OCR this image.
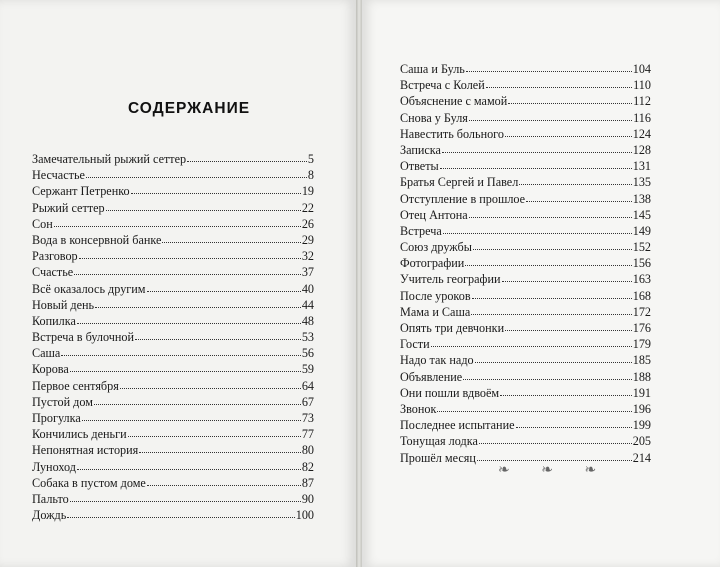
СОДЕРЖАНИЕ
Замечательный рыжий сеттер	5
Несчастье	8
Сержант Петренко	19
Рыжий сеттер	22
Сон	26
Вода в консервной банке	29
Разговор	32
Счастье	37
Всё оказалось другим	40
Новый день	44
Копилка	48
Встреча в булочной	53
Саша	56
Корова	59
Первое сентября	64
Пустой дом	67
Прогулка	73
Кончились деньги	77
Непонятная история	80
Луноход	82
Собака в пустом доме	87
Пальто	90
Дождь	100
Саша и Буль	104
Встреча с Колей	110
Объяснение с мамой	112
Снова у Буля	116
Навестить больного	124
Записка	128
Ответы	131
Братья Сергей и Павел	135
Отступление в прошлое	138
Отец Антона	145
Встреча	149
Союз дружбы	152
Фотографии	156
Учитель географии	163
После уроков	168
Мама и Саша	172
Опять три девчонки	176
Гости	179
Надо так надо	185
Объявление	188
Они пошли вдвоём	191
Звонок	196
Последнее испытание	199
Тонущая лодка	205
Прошёл месяц	214
❧ ❧ ❧
